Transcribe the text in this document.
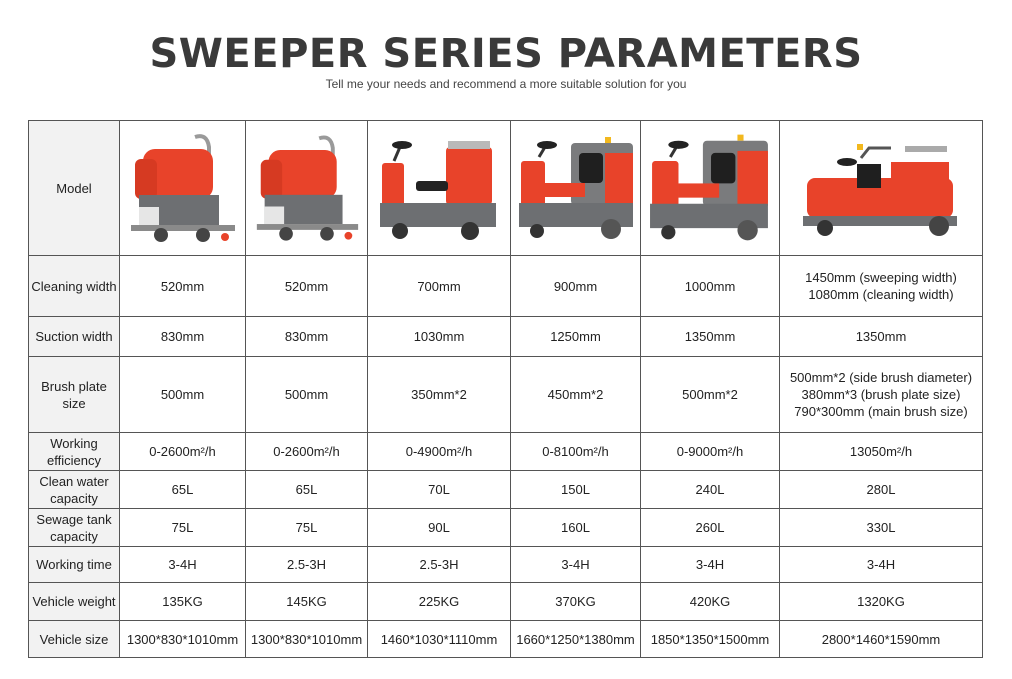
SWEEPER SERIES PARAMETERS
Tell me your needs and recommend a more suitable solution for you
Model	

Cleaning width	520mm	520mm	700mm	900mm	1000mm	1450mm (sweeping width)
1080mm (cleaning width)

Suction width	830mm	830mm	1030mm	1250mm	1350mm	1350mm
Brush plate size	500mm	500mm	350mm*2	450mm*2	500mm*2	500mm*2 (side brush diameter)
380mm*3 (brush plate size)
790*300mm (main brush size)

Working efficiency	0-2600m²/h	0-2600m²/h	0-4900m²/h	0-8100m²/h	0-9000m²/h	13050m²/h
Clean water capacity	65L	65L	70L	150L	240L	280L
Sewage tank capacity	75L	75L	90L	160L	260L	330L
Working time	3-4H	2.5-3H	2.5-3H	3-4H	3-4H	3-4H
Vehicle weight	135KG	145KG	225KG	370KG	420KG	1320KG
Vehicle size	1300*830*1010mm	1300*830*1010mm	1460*1030*1110mm	1660*1250*1380mm	1850*1350*1500mm	2800*1460*1590mm
